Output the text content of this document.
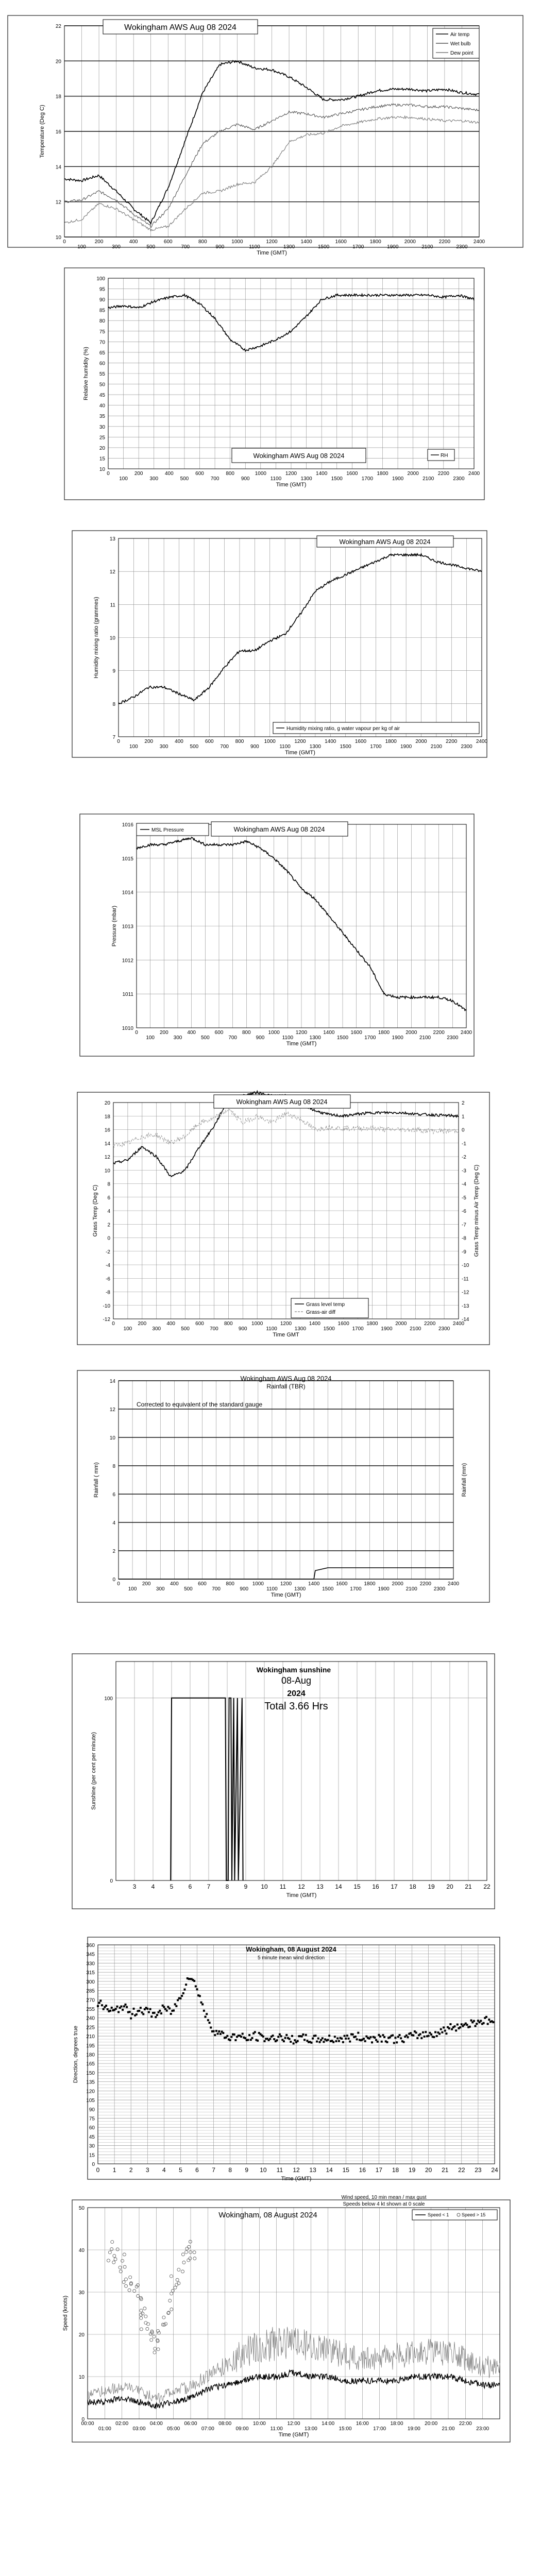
0
100
200
300
400
500
600
700
800
900
1000
1100
1200
1300
1400
1500
1600
1700
1800
1900
2000
2100
2200
2300
2400
10
12
14
16
18
20
22
Time (GMT)
Temperature (Deg C)
Wokingham AWS Aug 08 2024
Air temp
Wet bulb
Dew point
0
100
200
300
400
500
600
700
800
900
1000
1100
1200
1300
1400
1500
1600
1700
1800
1900
2000
2100
2200
2300
2400
10
15
20
25
30
35
40
45
50
55
60
65
70
75
80
85
90
95
100
Time (GMT)
Relative humidity (%)
Wokingham AWS Aug 08 2024	RH
0
100
200
300
400
500
600
700
800
900
1000
1100
1200
1300
1400
1500
1600
1700
1800
1900
2000
2100
2200
2300
2400
7
8
9
10
11
12
13
Time (GMT)
Humidity mixing ratio (grammes)
Wokingham AWS Aug 08 2024
Humidity mixing ratio, g water vapour per kg of air
0
100
200
300
400
500
600
700
800
900
1000
1100
1200
1300
1400
1500
1600
1700
1800
1900
2000
2100
2200
2300
2400
1010
1011
1012
1013
1014
1015
1016
Time (GMT)
Pressure (mbar)
Wokingham AWS Aug 08 2024
MSL Pressure
0
100
200
300
400
500
600
700
800
900
1000
1100
1200
1300
1400
1500
1600
1700
1800
1900
2000
2100
2200
2300
2400
-12
-10
-8
-6
-4
-2
0
2
4
6
8
10
12
14
16
18
20
Time GMT
Grass Temp (Deg C)
-14
-13
-12
-11
-10
-9
-8
-7
-6
-5
-4
-3
-2
-1
0
1
2
Grass Temp minus Air Temp (Deg C)
Wokingham AWS Aug 08 2024
Grass level temp
Grass-air diff
0
100
200
300
400
500
600
700
800
900
1000
1100
1200
1300
1400
1500
1600
1700
1800
1900
2000
2100
2200
2300
2400
0
2
4
6
8
10
12
14
Time (GMT)
Rainfall ( mm)	Rainfall (mm)
Wokingham AWS Aug 08 2024
Rainfall (TBR)
Corrected to equivalent of the standard gauge
3 4 5 6 7 8 9 10 11 12 13 14 15 16 17 18 19 20 21 22
0
100
Time (GMT)
Sunshine (per cent per minute)
Wokingham sunshine
08-Aug
2024
Total 3.66 Hrs
0 1 2 3 4 5 6 7 8 9 10 11 12 13 14 15 16 17 18 19 20 21 22 23 24
0
15
30
45
60
75
90
105
120
135
150
165
180
195
210
225
240
255
270
285
300
315
330
345
360
Time (GMT)
Direction, degrees true
Wokingham, 08 August 2024
5 minute mean wind direction
00:00
01:00
02:00
03:00
04:00
05:00
06:00
07:00
08:00
09:00
10:00
11:00
12:00
13:00
14:00
15:00
16:00
17:00
18:00
19:00
20:00
21:00
22:00
23:00
0
10
20
30
40
50
Time (GMT)
Speed (knots)
Wind speed, 10 min mean / max gust
Speeds below 4 kt shown at 0 scale
Wokingham, 08 August 2024	Speed < 1	Speed > 15
